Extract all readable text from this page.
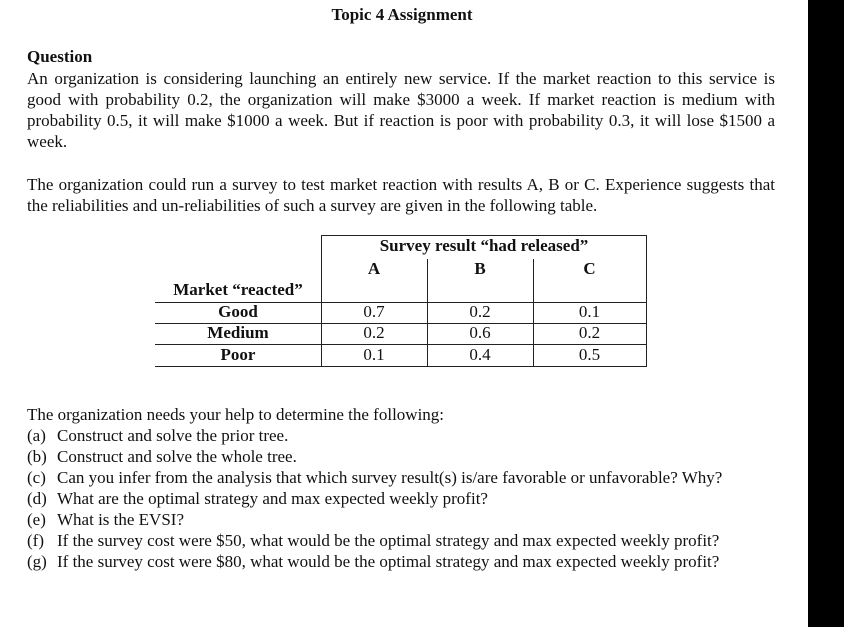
Topic 4 Assignment
Question

An organization is considering launching an entirely new service. If the market reaction to this service is good with probability 0.2, the organization will make $3000 a week. If market reaction is medium with probability 0.5, it will make $1000 a week. But if reaction is poor with probability 0.3, it will lose $1500 a week.

The organization could run a survey to test market reaction with results A, B or C. Experience suggests that the reliabilities and un-reliabilities of such a survey are given in the following table.

Survey result “had released”
A	B	C
Market “reacted”
Good	0.7	0.2	0.1
Medium	0.2	0.6	0.2
Poor	0.1	0.4	0.5

The organization needs your help to determine the following:

(a) Construct and solve the prior tree.
(b) Construct and solve the whole tree.
(c) Can you infer from the analysis that which survey result(s) is/are favorable or unfavorable? Why?
(d) What are the optimal strategy and max expected weekly profit?
(e) What is the EVSI?
(f) If the survey cost were $50, what would be the optimal strategy and max expected weekly profit?
(g) If the survey cost were $80, what would be the optimal strategy and max expected weekly profit?
